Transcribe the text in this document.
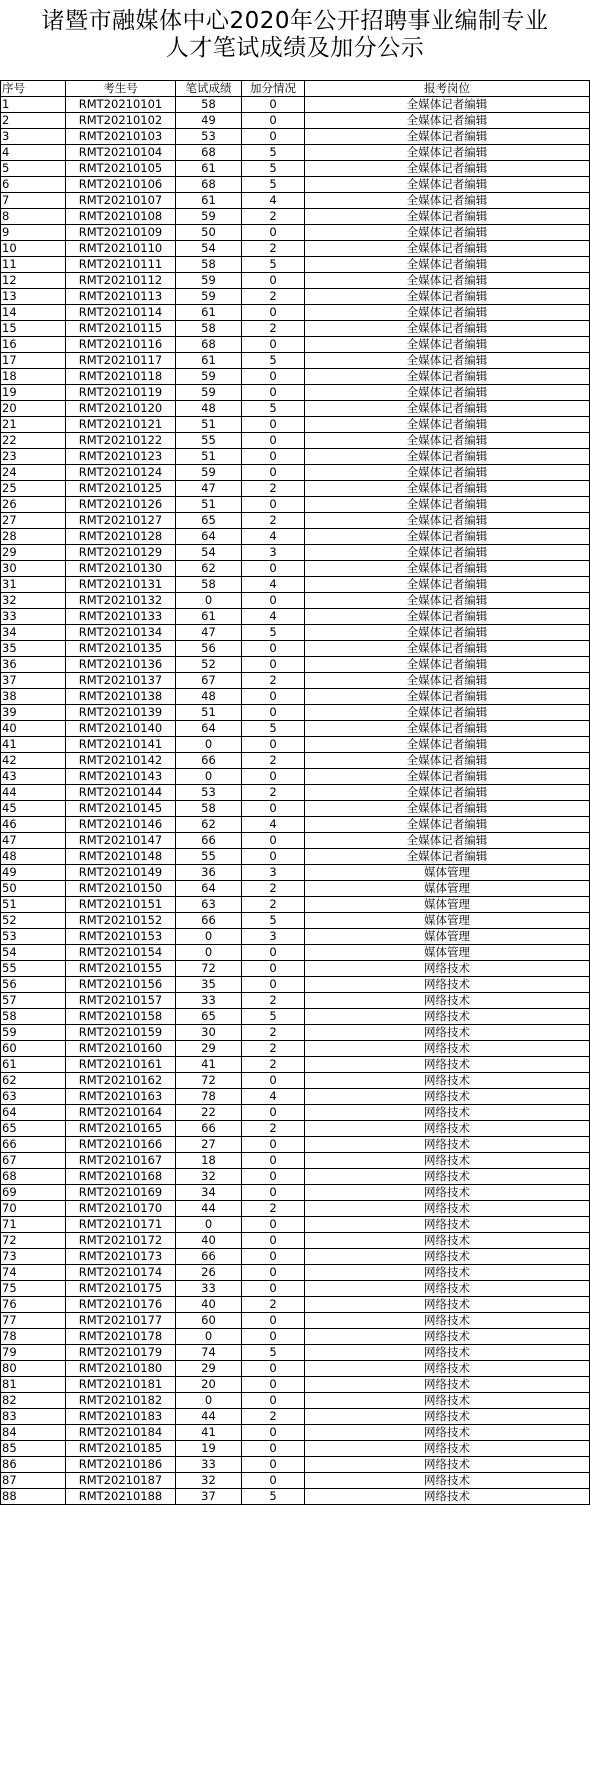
诸暨市融媒体中心2020年公开招聘事业编制专业
人才笔试成绩及加分公示
序号	考生号	笔试成绩	加分情况	报考岗位
1	RMT20210101	58	0	全媒体记者编辑
2	RMT20210102	49	0	全媒体记者编辑
3	RMT20210103	53	0	全媒体记者编辑
4	RMT20210104	68	5	全媒体记者编辑
5	RMT20210105	61	5	全媒体记者编辑
6	RMT20210106	68	5	全媒体记者编辑
7	RMT20210107	61	4	全媒体记者编辑
8	RMT20210108	59	2	全媒体记者编辑
9	RMT20210109	50	0	全媒体记者编辑
10	RMT20210110	54	2	全媒体记者编辑
11	RMT20210111	58	5	全媒体记者编辑
12	RMT20210112	59	0	全媒体记者编辑
13	RMT20210113	59	2	全媒体记者编辑
14	RMT20210114	61	0	全媒体记者编辑
15	RMT20210115	58	2	全媒体记者编辑
16	RMT20210116	68	0	全媒体记者编辑
17	RMT20210117	61	5	全媒体记者编辑
18	RMT20210118	59	0	全媒体记者编辑
19	RMT20210119	59	0	全媒体记者编辑
20	RMT20210120	48	5	全媒体记者编辑
21	RMT20210121	51	0	全媒体记者编辑
22	RMT20210122	55	0	全媒体记者编辑
23	RMT20210123	51	0	全媒体记者编辑
24	RMT20210124	59	0	全媒体记者编辑
25	RMT20210125	47	2	全媒体记者编辑
26	RMT20210126	51	0	全媒体记者编辑
27	RMT20210127	65	2	全媒体记者编辑
28	RMT20210128	64	4	全媒体记者编辑
29	RMT20210129	54	3	全媒体记者编辑
30	RMT20210130	62	0	全媒体记者编辑
31	RMT20210131	58	4	全媒体记者编辑
32	RMT20210132	0	0	全媒体记者编辑
33	RMT20210133	61	4	全媒体记者编辑
34	RMT20210134	47	5	全媒体记者编辑
35	RMT20210135	56	0	全媒体记者编辑
36	RMT20210136	52	0	全媒体记者编辑
37	RMT20210137	67	2	全媒体记者编辑
38	RMT20210138	48	0	全媒体记者编辑
39	RMT20210139	51	0	全媒体记者编辑
40	RMT20210140	64	5	全媒体记者编辑
41	RMT20210141	0	0	全媒体记者编辑
42	RMT20210142	66	2	全媒体记者编辑
43	RMT20210143	0	0	全媒体记者编辑
44	RMT20210144	53	2	全媒体记者编辑
45	RMT20210145	58	0	全媒体记者编辑
46	RMT20210146	62	4	全媒体记者编辑
47	RMT20210147	66	0	全媒体记者编辑
48	RMT20210148	55	0	全媒体记者编辑
49	RMT20210149	36	3	媒体管理
50	RMT20210150	64	2	媒体管理
51	RMT20210151	63	2	媒体管理
52	RMT20210152	66	5	媒体管理
53	RMT20210153	0	3	媒体管理
54	RMT20210154	0	0	媒体管理
55	RMT20210155	72	0	网络技术
56	RMT20210156	35	0	网络技术
57	RMT20210157	33	2	网络技术
58	RMT20210158	65	5	网络技术
59	RMT20210159	30	2	网络技术
60	RMT20210160	29	2	网络技术
61	RMT20210161	41	2	网络技术
62	RMT20210162	72	0	网络技术
63	RMT20210163	78	4	网络技术
64	RMT20210164	22	0	网络技术
65	RMT20210165	66	2	网络技术
66	RMT20210166	27	0	网络技术
67	RMT20210167	18	0	网络技术
68	RMT20210168	32	0	网络技术
69	RMT20210169	34	0	网络技术
70	RMT20210170	44	2	网络技术
71	RMT20210171	0	0	网络技术
72	RMT20210172	40	0	网络技术
73	RMT20210173	66	0	网络技术
74	RMT20210174	26	0	网络技术
75	RMT20210175	33	0	网络技术
76	RMT20210176	40	2	网络技术
77	RMT20210177	60	0	网络技术
78	RMT20210178	0	0	网络技术
79	RMT20210179	74	5	网络技术
80	RMT20210180	29	0	网络技术
81	RMT20210181	20	0	网络技术
82	RMT20210182	0	0	网络技术
83	RMT20210183	44	2	网络技术
84	RMT20210184	41	0	网络技术
85	RMT20210185	19	0	网络技术
86	RMT20210186	33	0	网络技术
87	RMT20210187	32	0	网络技术
88	RMT20210188	37	5	网络技术
